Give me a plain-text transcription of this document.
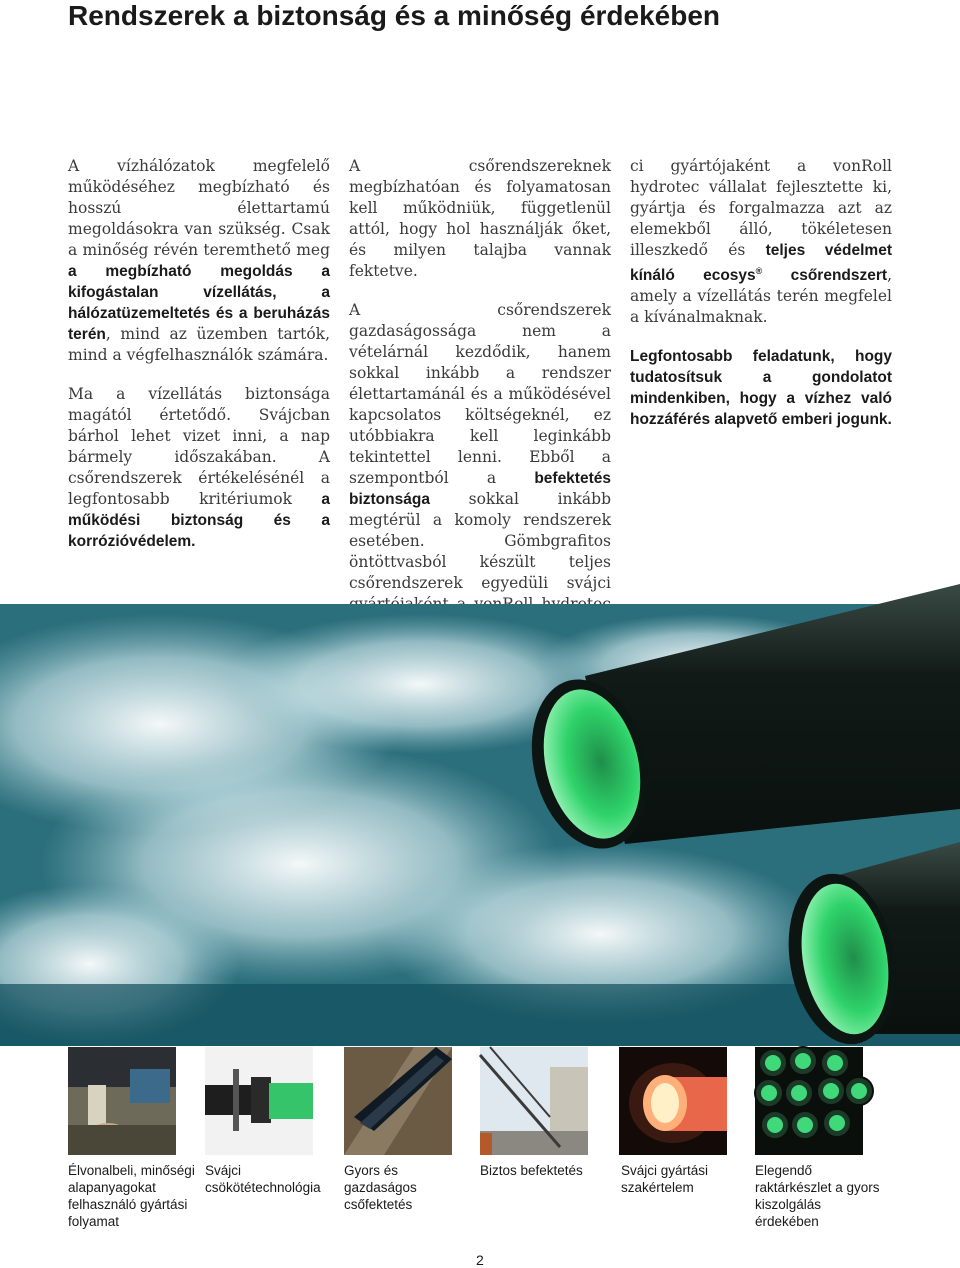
Rendszerek a biztonság és a minőség érdekében

A vízhálózatok megfelelő működéséhez megbízható és hosszú élettartamú megoldásokra van szükség. Csak a minőség révén teremthető meg a megbízható megoldás a kifogástalan vízellátás, a hálózatüzemeltetés és a beruházás terén, mind az üzemben tartók, mind a végfelhasználók számára.

Ma a vízellátás biztonsága magától értetődő. Svájcban bárhol lehet vizet inni, a nap bármely időszakában. A csőrendszerek értékelésénél a legfontosabb kritériumok a működési biztonság és a korrózióvédelem.

A csőrendszereknek megbízhatóan és folyamatosan kell működniük, függetlenül attól, hogy hol használják őket, és milyen talajba vannak fektetve.

A csőrendszerek gazdaságossága nem a vételárnál kezdődik, hanem sokkal inkább a rendszer élettartamánál és a működésével kapcsolatos költségeknél, ez utóbbiakra kell leginkább tekintettel lenni. Ebből a szempontból a befektetés biztonsága sokkal inkább megtérül a komoly rendszerek esetében. Gömbgrafitos öntöttvasból készült teljes csőrendszerek egyedüli svájci

ci gyártójaként a vonRoll hydrotec vállalat fejlesztette ki, gyártja és forgalmazza azt az elemekből álló, tökéletesen illeszkedő és teljes védelmet kínáló ecosys® csőrendszert, amely a vízellátás terén megfelel a kívánalmaknak.

Legfontosabb feladatunk, hogy tudatosítsuk a gondolatot mindenkiben, hogy a vízhez való hozzáférés alapvető emberi jogunk.

Élvonalbeli, minőségi alapanyagokat felhasználó gyártási folyamat
Svájci csökötétechnológia
Gyors és gazdaságos csőfektetés
Biztos befektetés	Svájci gyártási szakértelem
Elegendő raktárkészlet a gyors kiszolgálás érdekében
2
